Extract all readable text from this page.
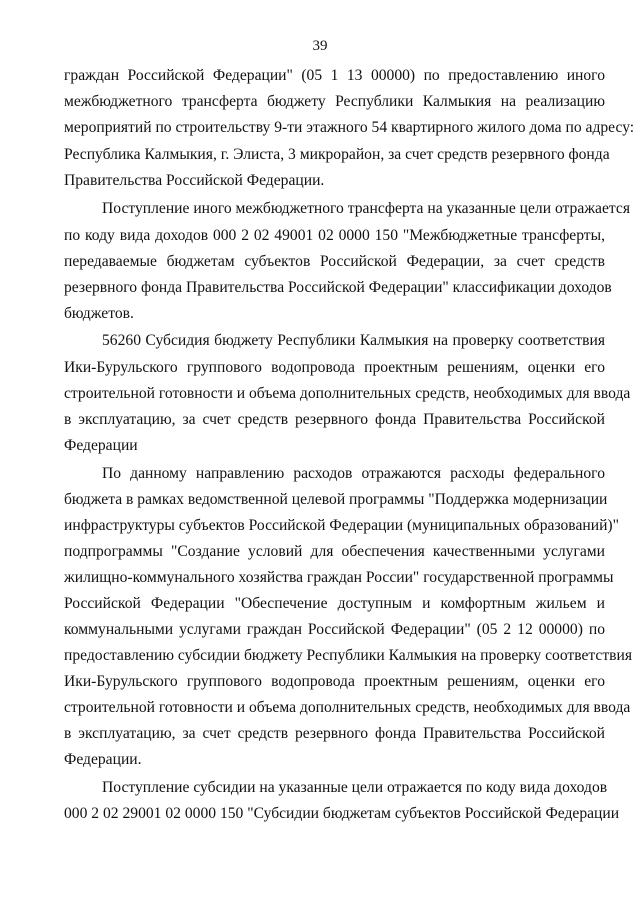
39
граждан Российской Федерации" (05 1 13 00000) по предоставлению иного
межбюджетного трансферта бюджету Республики Калмыкия на реализацию
мероприятий по строительству 9-ти этажного 54 квартирного жилого дома по адресу:
Республика Калмыкия, г. Элиста, 3 микрорайон, за счет средств резервного фонда
Правительства Российской Федерации.
Поступление иного межбюджетного трансферта на указанные цели отражается
по коду вида доходов 000 2 02 49001 02 0000 150 "Межбюджетные трансферты,
передаваемые бюджетам субъектов Российской Федерации, за счет средств
резервного фонда Правительства Российской Федерации" классификации доходов
бюджетов.
56260 Субсидия бюджету Республики Калмыкия на проверку соответствия
Ики-Бурульского группового водопровода проектным решениям, оценки его
строительной готовности и объема дополнительных средств, необходимых для ввода
в эксплуатацию, за счет средств резервного фонда Правительства Российской
Федерации
По данному направлению расходов отражаются расходы федерального
бюджета в рамках ведомственной целевой программы "Поддержка модернизации
инфраструктуры субъектов Российской Федерации (муниципальных образований)"
подпрограммы "Создание условий для обеспечения качественными услугами
жилищно-коммунального хозяйства граждан России" государственной программы
Российской Федерации "Обеспечение доступным и комфортным жильем и
коммунальными услугами граждан Российской Федерации" (05 2 12 00000) по
предоставлению субсидии бюджету Республики Калмыкия на проверку соответствия
Ики-Бурульского группового водопровода проектным решениям, оценки его
строительной готовности и объема дополнительных средств, необходимых для ввода
в эксплуатацию, за счет средств резервного фонда Правительства Российской
Федерации.
Поступление субсидии на указанные цели отражается по коду вида доходов
000 2 02 29001 02 0000 150 "Субсидии бюджетам субъектов Российской Федерации
